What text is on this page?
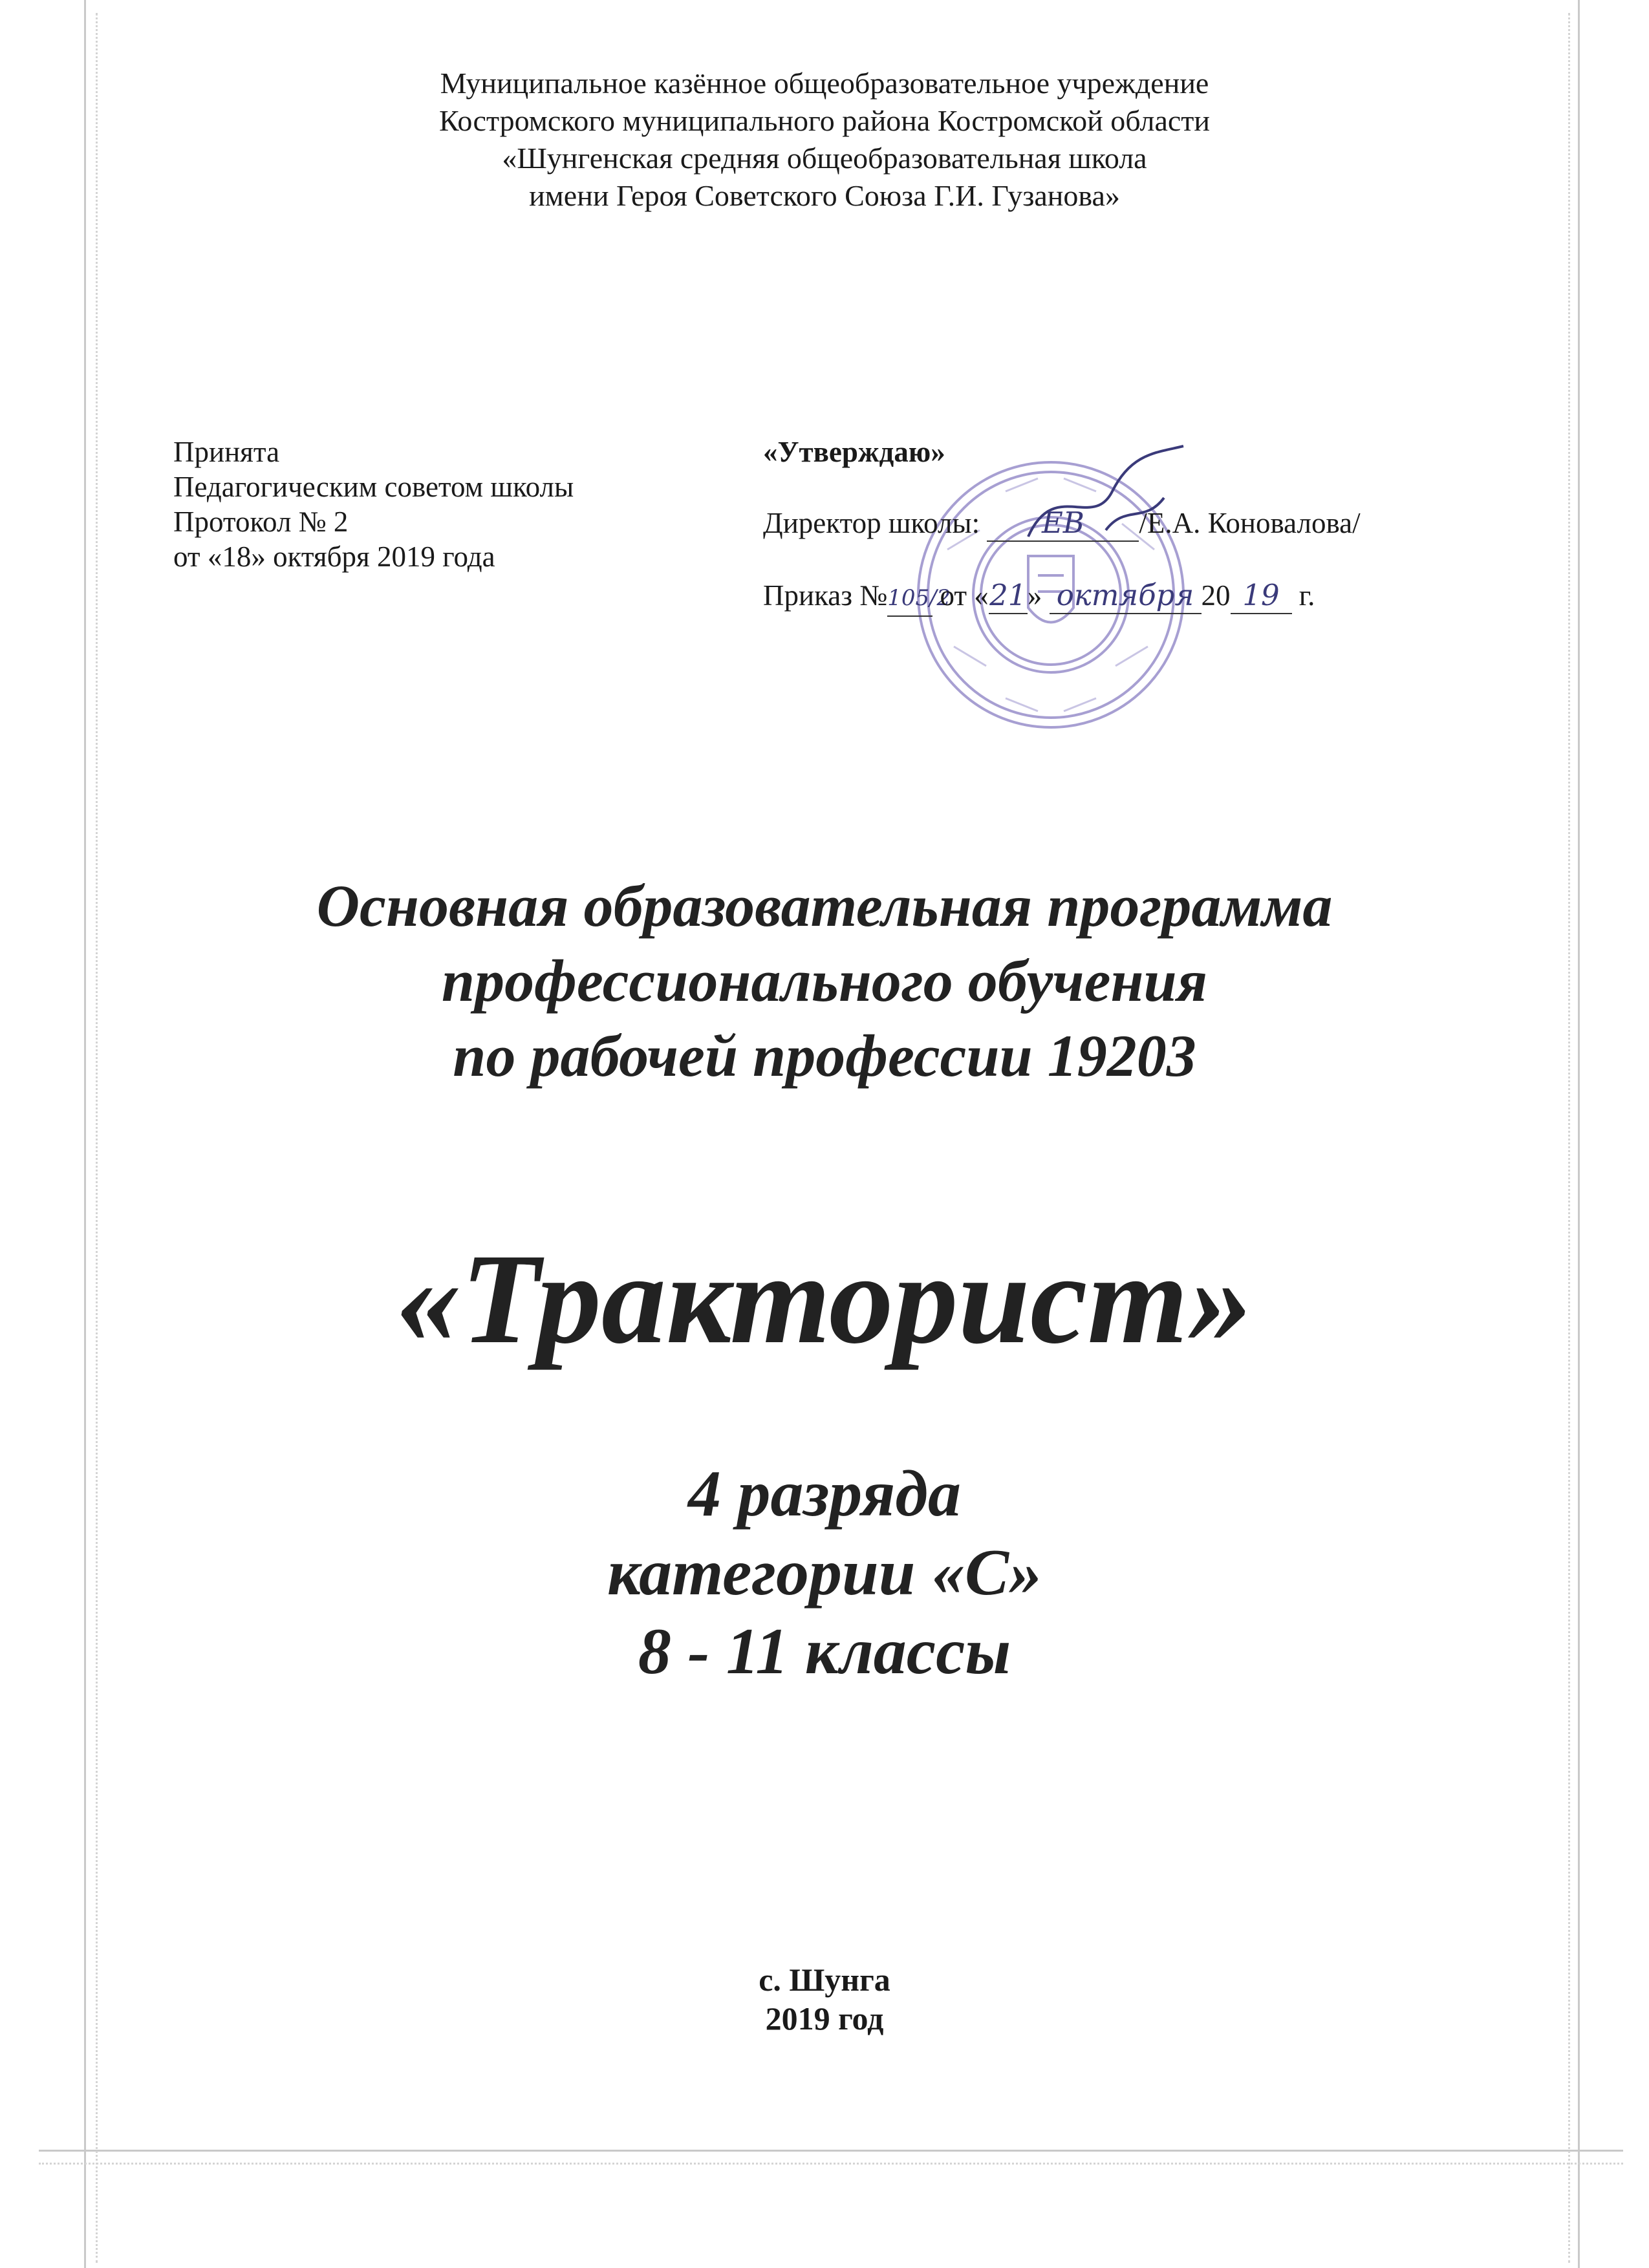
Муниципальное казённое общеобразовательное учреждение
Костромского муниципального района Костромской области
«Шунгенская средняя общеобразовательная школа
имени Героя Советского Союза Г.И. Гузанова»
Принята
Педагогическим советом школы
Протокол № 2
от «18» октября 2019 года
«Утверждаю»
Директор школы: ЕВ /Е.А. Коновалова/
Приказ №105/2 от «21» октября 20 19 г.
Основная образовательная программа
профессионального обучения
по рабочей профессии 19203
«Тракторист»
4 разряда
категории «С»
8 - 11 классы
с. Шунга
2019 год
